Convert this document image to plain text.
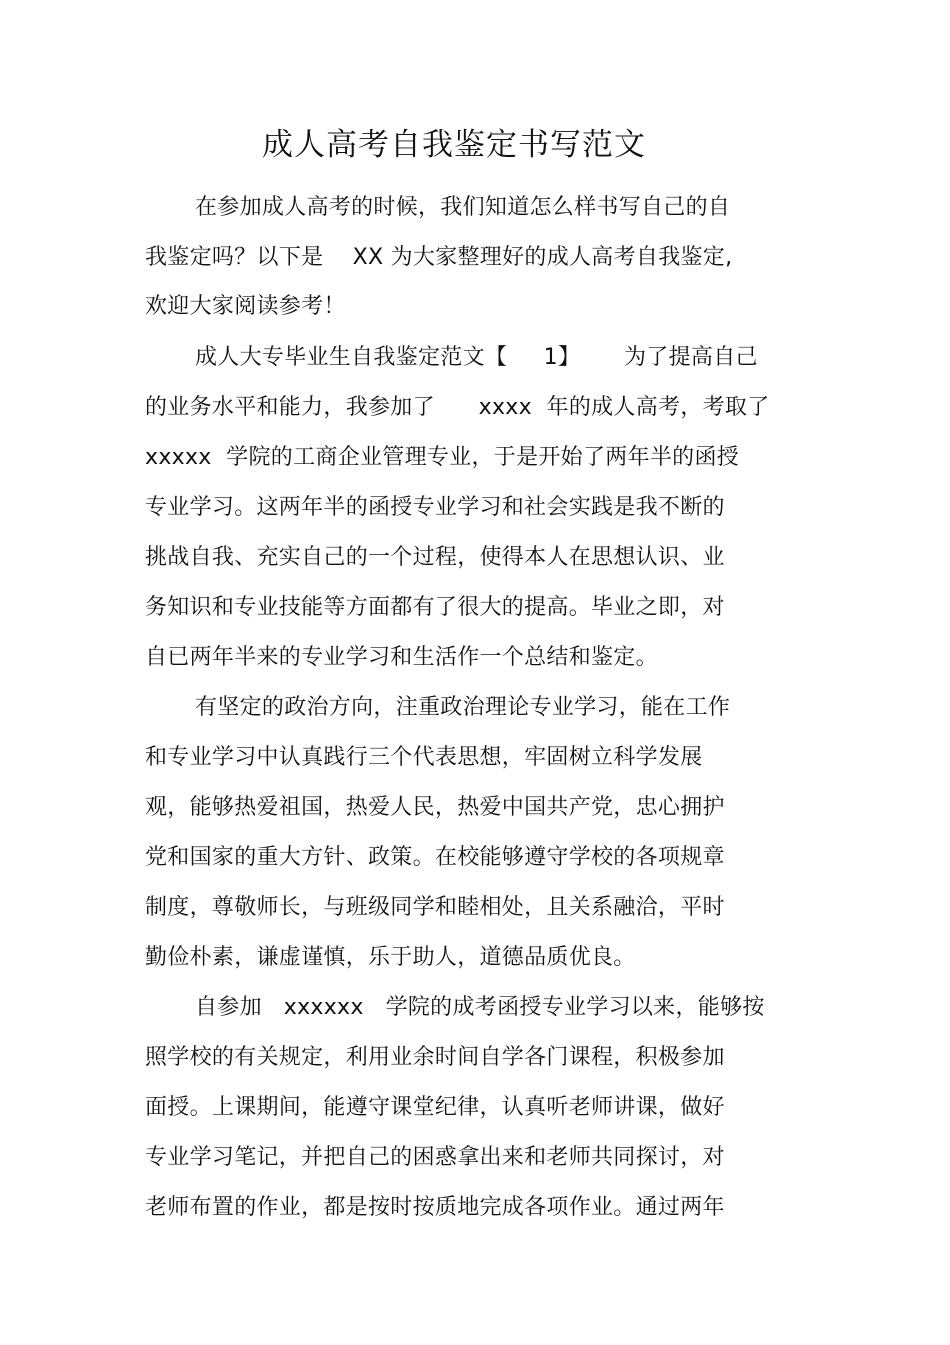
成人高考自我鉴定书写范文
在参加成人高考的时候，我们知道怎么样书写自己的自
我鉴定吗？以下是    XX 为大家整理好的成人高考自我鉴定,
欢迎大家阅读参考！
成人大专毕业生自我鉴定范文【     1】      为了提高自己
的业务水平和能力，我参加了      xxxx  年的成人高考，考取了
xxxxx  学院的工商企业管理专业，于是开始了两年半的函授
专业学习。这两年半的函授专业学习和社会实践是我不断的
挑战自我、充实自己的一个过程，使得本人在思想认识、业
务知识和专业技能等方面都有了很大的提高。毕业之即，对
自已两年半来的专业学习和生活作一个总结和鉴定。
有坚定的政治方向，注重政治理论专业学习，能在工作
和专业学习中认真践行三个代表思想，牢固树立科学发展
观，能够热爱祖国，热爱人民，热爱中国共产党，忠心拥护
党和国家的重大方针、政策。在校能够遵守学校的各项规章
制度，尊敬师长，与班级同学和睦相处，且关系融洽，平时
勤俭朴素，谦虚谨慎，乐于助人，道德品质优良。
自参加   xxxxxx   学院的成考函授专业学习以来，能够按
照学校的有关规定，利用业余时间自学各门课程，积极参加
面授。上课期间，能遵守课堂纪律，认真听老师讲课，做好
专业学习笔记，并把自己的困惑拿出来和老师共同探讨，对
老师布置的作业，都是按时按质地完成各项作业。通过两年
